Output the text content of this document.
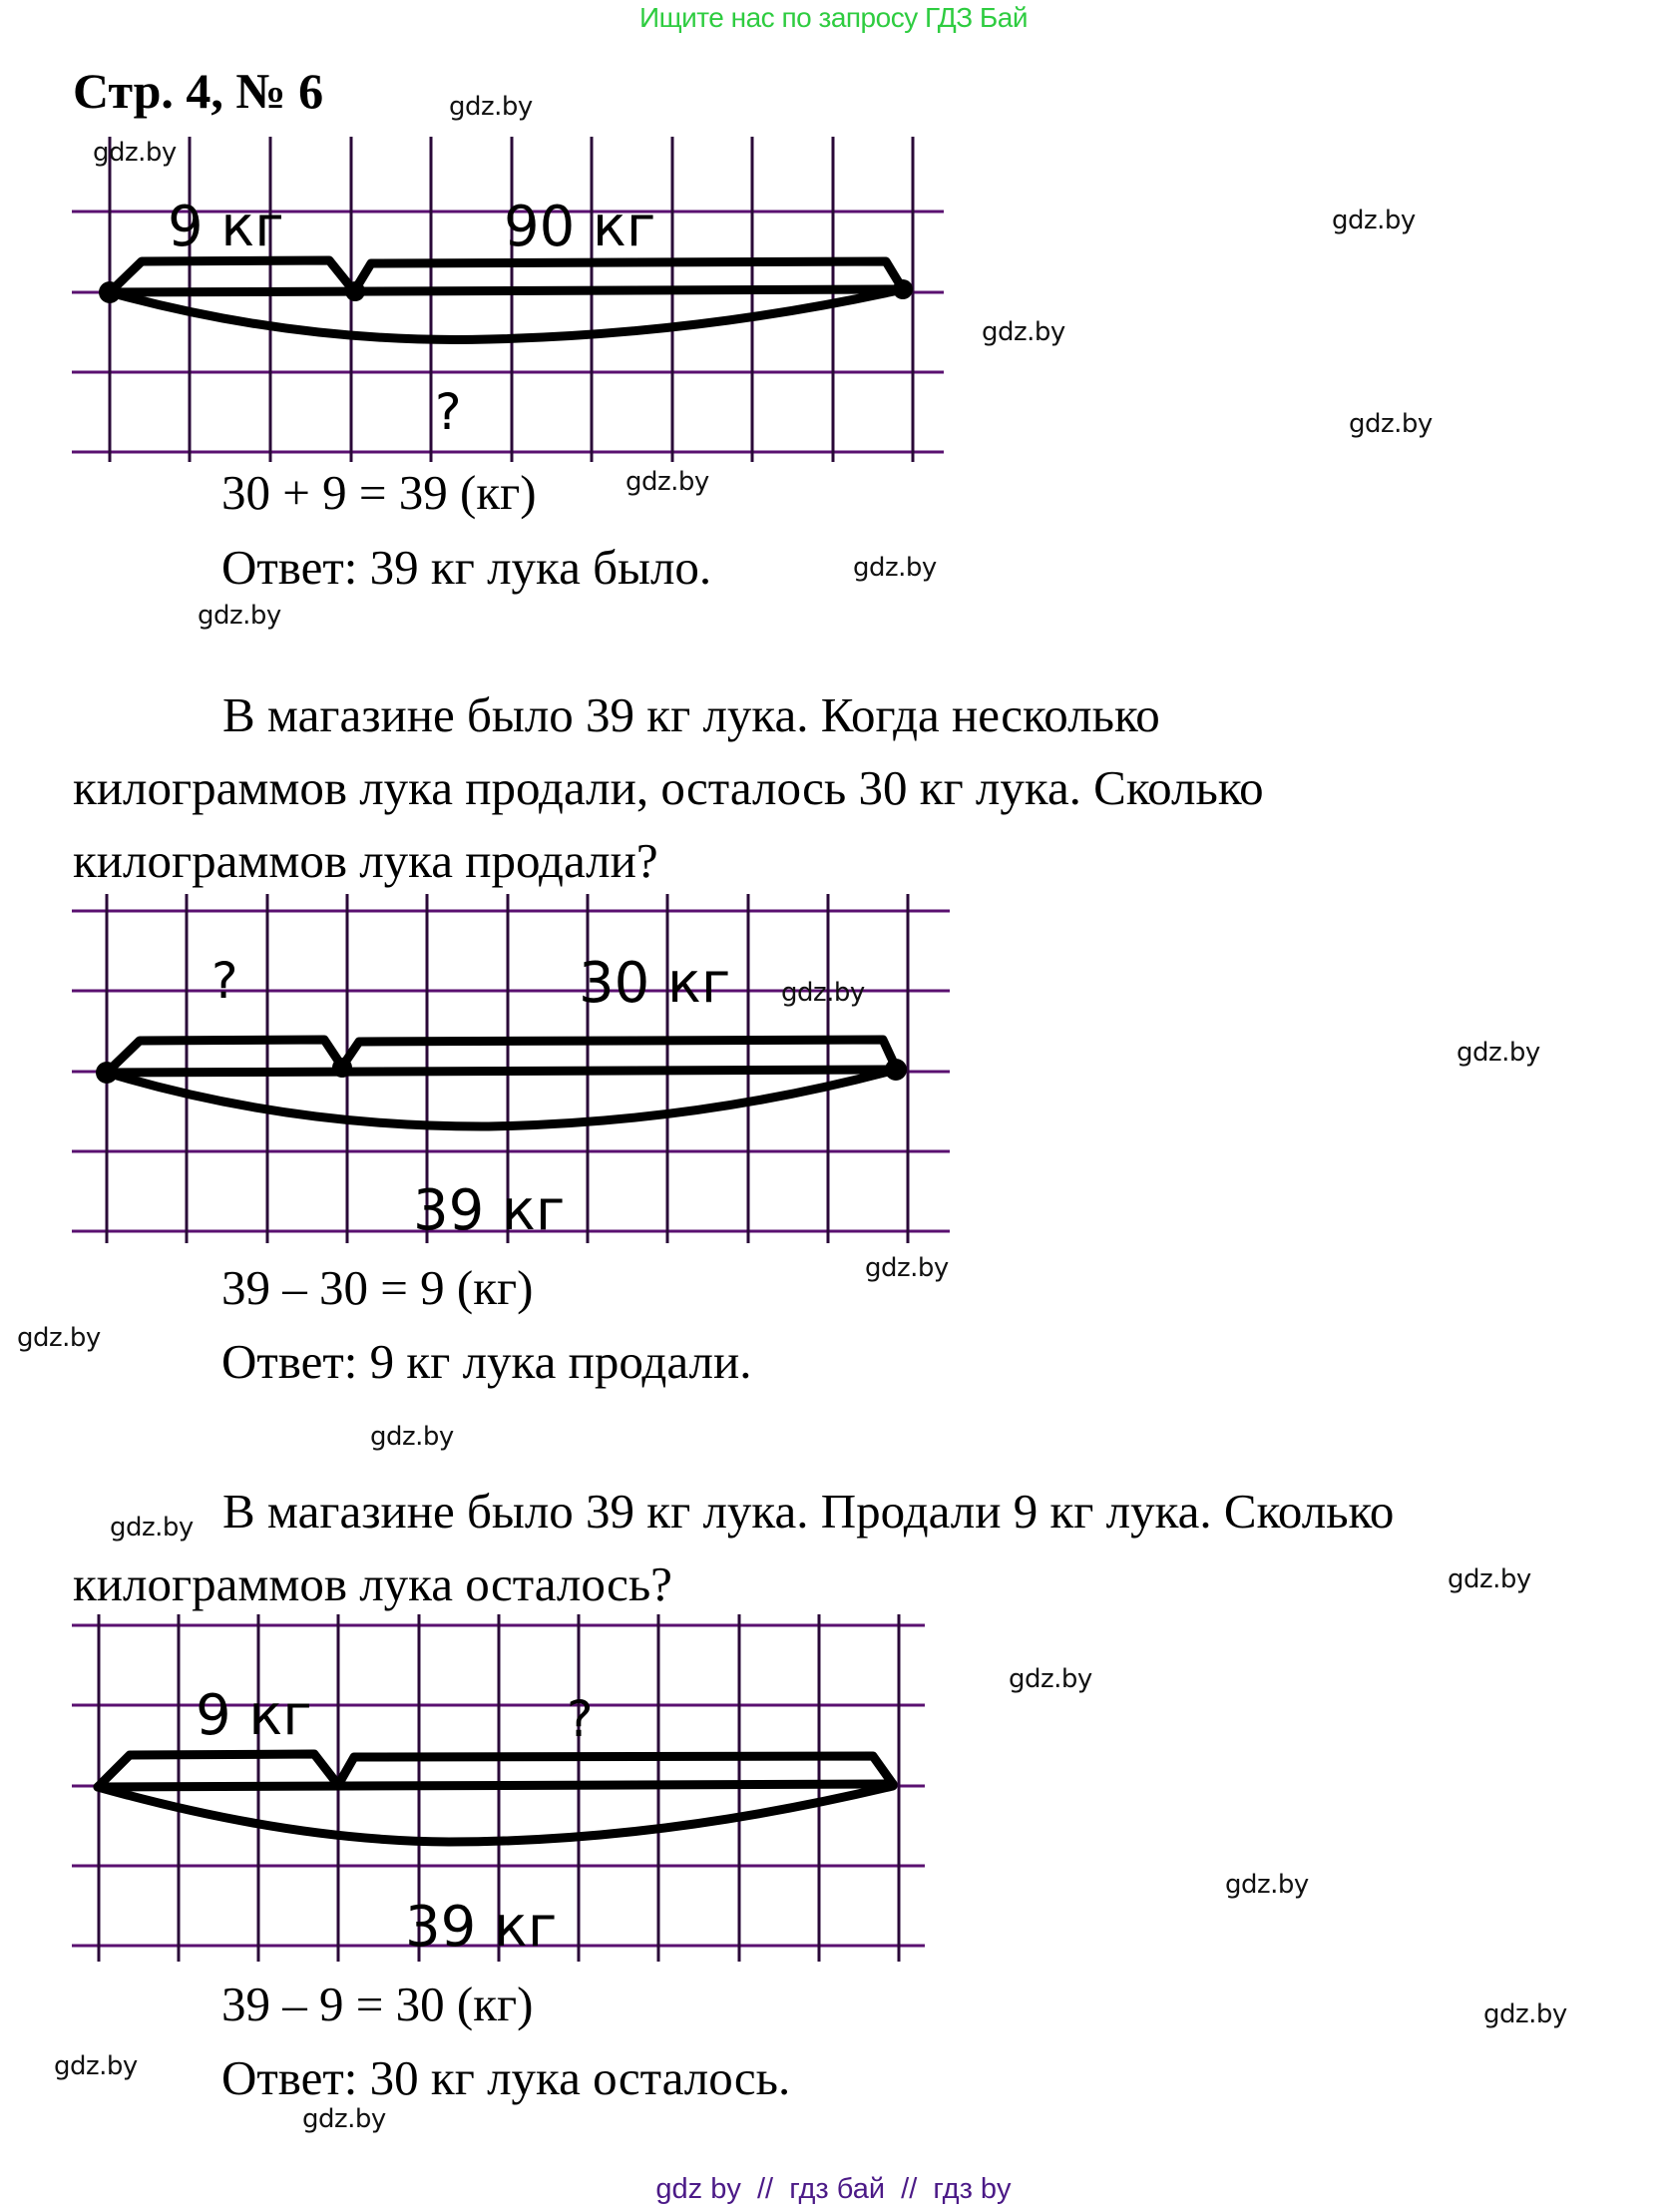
Ищите нас по запросу ГДЗ Бай
Стр. 4, № 6
9 кг	90 кг
?
30 + 9 = 39 (кг)
Ответ: 39 кг лука было.
В магазине было 39 кг лука. Когда несколько
килограммов лука продали, осталось 30 кг лука. Сколько
килограммов лука продали?
?	30 кг gdz.by
39 кг
39 – 30 = 9 (кг)
Ответ: 9 кг лука продали.
В магазине было 39 кг лука. Продали 9 кг лука. Сколько
килограммов лука осталось?
9 кг	?
39 кг
39 – 9 = 30 (кг)
Ответ: 30 кг лука осталось.
gdz.by
gdz.by
gdz.by
gdz.by
gdz.by
gdz.by
gdz.by
gdz.by
gdz.by
gdz.by
gdz.by
gdz.by
gdz.by
gdz.by
gdz.by
gdz.by
gdz.by
gdz.by
gdz.by
gdz by  //  гдз бай  //  гдз by
